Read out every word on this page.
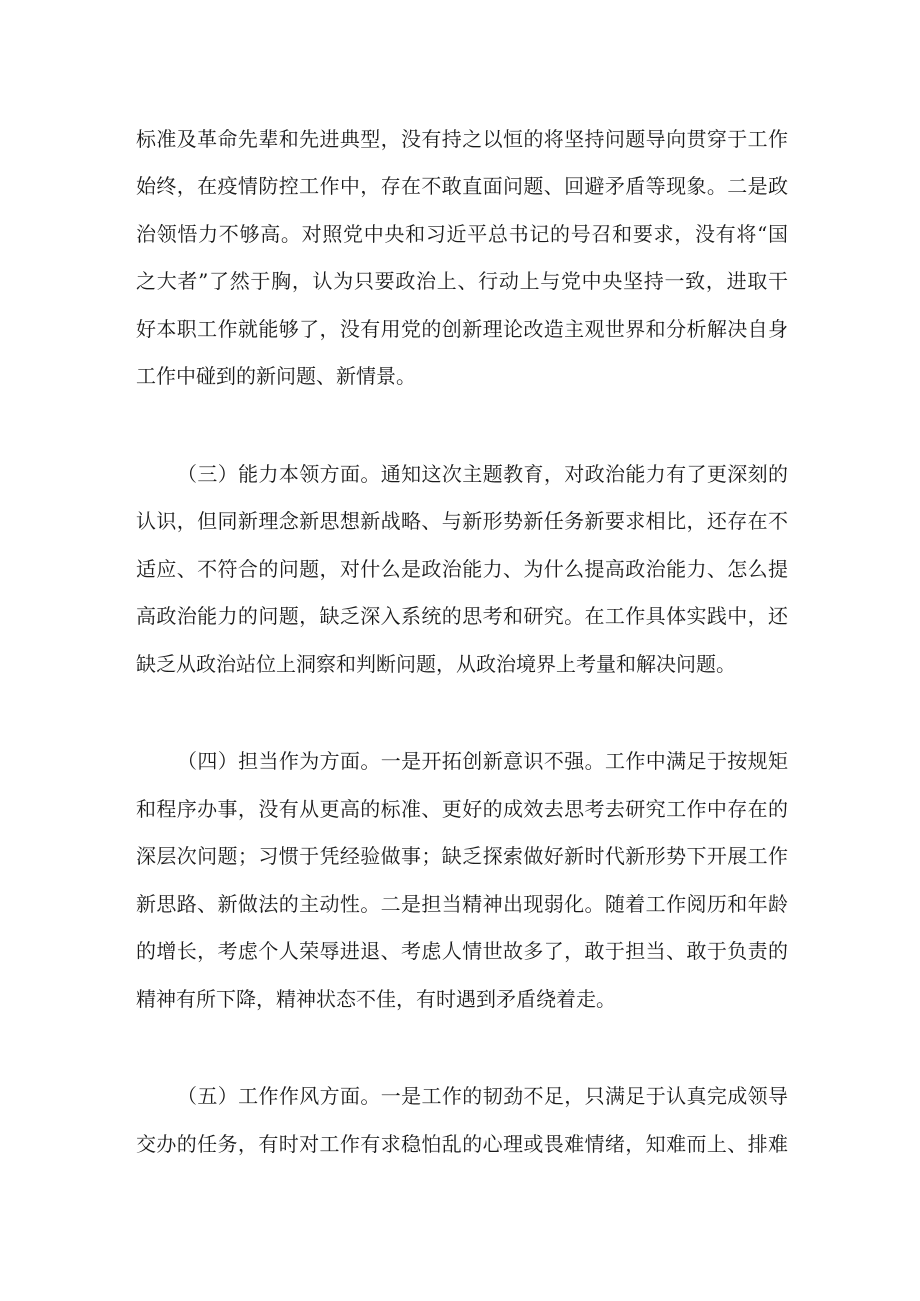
标准及革命先辈和先进典型，没有持之以恒的将坚持问题导向贯穿于工作
始终，在疫情防控工作中，存在不敢直面问题、回避矛盾等现象。二是政
治领悟力不够高。对照党中央和习近平总书记的号召和要求，没有将“国
之大者”了然于胸，认为只要政治上、行动上与党中央坚持一致，进取干
好本职工作就能够了，没有用党的创新理论改造主观世界和分析解决自身
工作中碰到的新问题、新情景。
（三）能力本领方面。通知这次主题教育，对政治能力有了更深刻的
认识，但同新理念新思想新战略、与新形势新任务新要求相比，还存在不
适应、不符合的问题，对什么是政治能力、为什么提高政治能力、怎么提
高政治能力的问题，缺乏深入系统的思考和研究。在工作具体实践中，还
缺乏从政治站位上洞察和判断问题，从政治境界上考量和解决问题。
（四）担当作为方面。一是开拓创新意识不强。工作中满足于按规矩
和程序办事，没有从更高的标准、更好的成效去思考去研究工作中存在的
深层次问题；习惯于凭经验做事；缺乏探索做好新时代新形势下开展工作
新思路、新做法的主动性。二是担当精神出现弱化。随着工作阅历和年龄
的增长，考虑个人荣辱进退、考虑人情世故多了，敢于担当、敢于负责的
精神有所下降，精神状态不佳，有时遇到矛盾绕着走。
（五）工作作风方面。一是工作的韧劲不足，只满足于认真完成领导
交办的任务，有时对工作有求稳怕乱的心理或畏难情绪，知难而上、排难
